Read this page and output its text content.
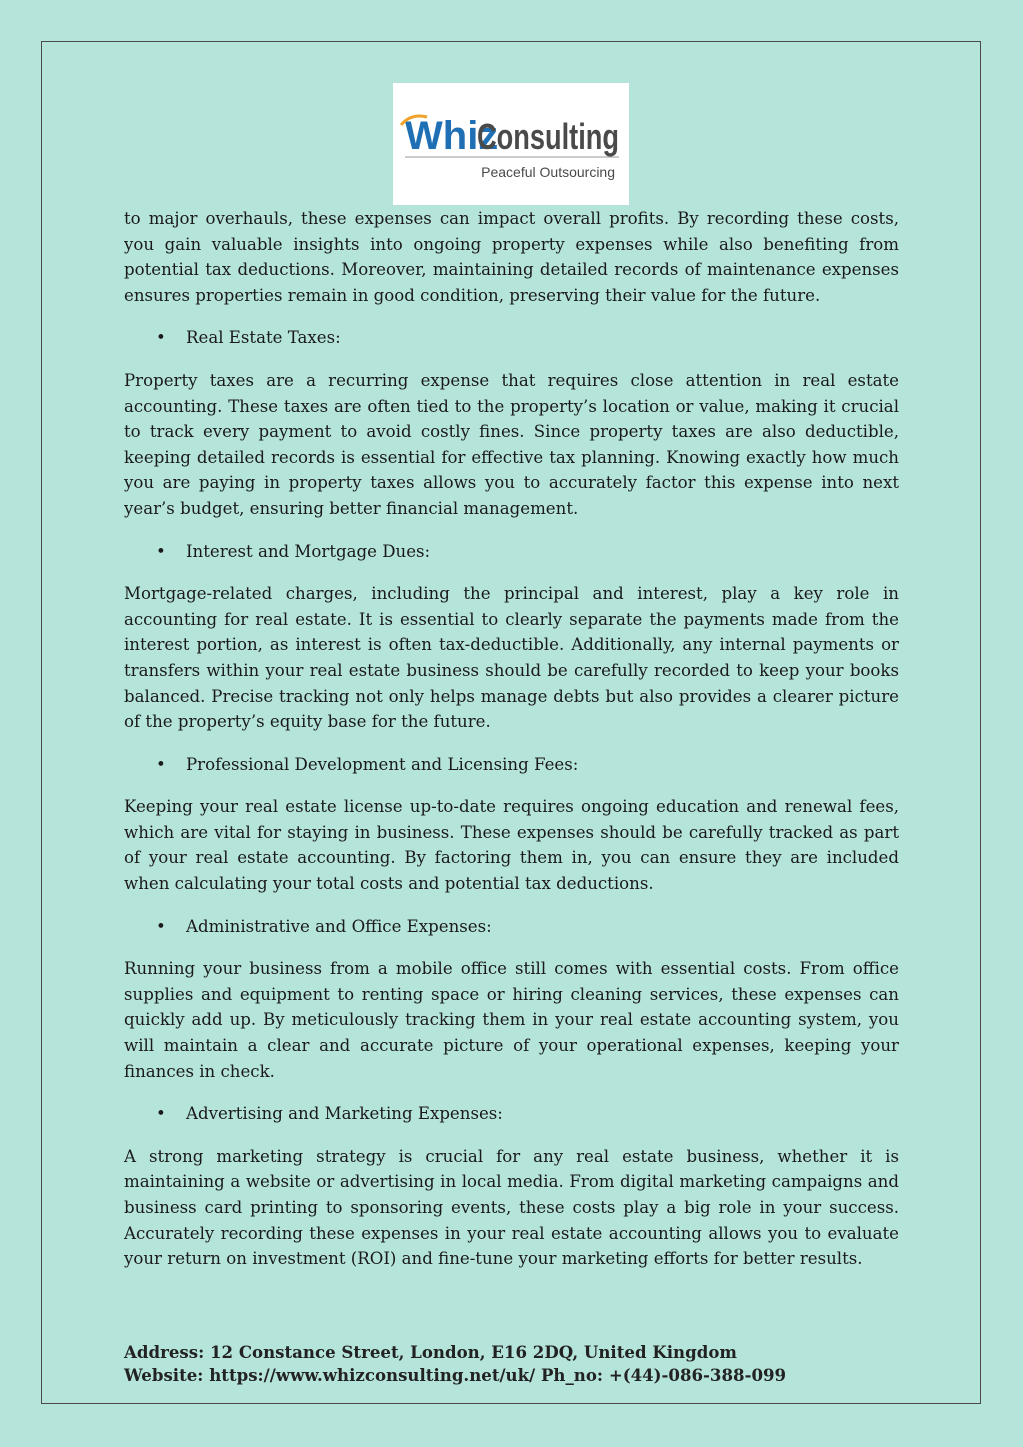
Whiz
Consulting
Peaceful Outsourcing

to major overhauls, these expenses can impact overall profits. By recording these costs, you gain valuable insights into ongoing property expenses while also benefiting from potential tax deductions. Moreover, maintaining detailed records of maintenance expenses ensures properties remain in good condition, preserving their value for the future.

• Real Estate Taxes:

Property taxes are a recurring expense that requires close attention in real estate accounting. These taxes are often tied to the property’s location or value, making it crucial to track every payment to avoid costly fines. Since property taxes are also deductible, keeping detailed records is essential for effective tax planning. Knowing exactly how much you are paying in property taxes allows you to accurately factor this expense into next year’s budget, ensuring better financial management.

• Interest and Mortgage Dues:

Mortgage-related charges, including the principal and interest, play a key role in accounting for real estate. It is essential to clearly separate the payments made from the interest portion, as interest is often tax-deductible. Additionally, any internal payments or transfers within your real estate business should be carefully recorded to keep your books balanced. Precise tracking not only helps manage debts but also provides a clearer picture of the property’s equity base for the future.

• Professional Development and Licensing Fees:

Keeping your real estate license up-to-date requires ongoing education and renewal fees, which are vital for staying in business. These expenses should be carefully tracked as part of your real estate accounting. By factoring them in, you can ensure they are included when calculating your total costs and potential tax deductions.

• Administrative and Office Expenses:

Running your business from a mobile office still comes with essential costs. From office supplies and equipment to renting space or hiring cleaning services, these expenses can quickly add up. By meticulously tracking them in your real estate accounting system, you will maintain a clear and accurate picture of your operational expenses, keeping your finances in check.

• Advertising and Marketing Expenses:

A strong marketing strategy is crucial for any real estate business, whether it is maintaining a website or advertising in local media. From digital marketing campaigns and business card printing to sponsoring events, these costs play a big role in your success. Accurately recording these expenses in your real estate accounting allows you to evaluate your return on investment (ROI) and fine-tune your marketing efforts for better results.

Address: 12 Constance Street, London, E16 2DQ, United Kingdom
Website: https://www.whizconsulting.net/uk/ Ph_no: +(44)-086-388-099
